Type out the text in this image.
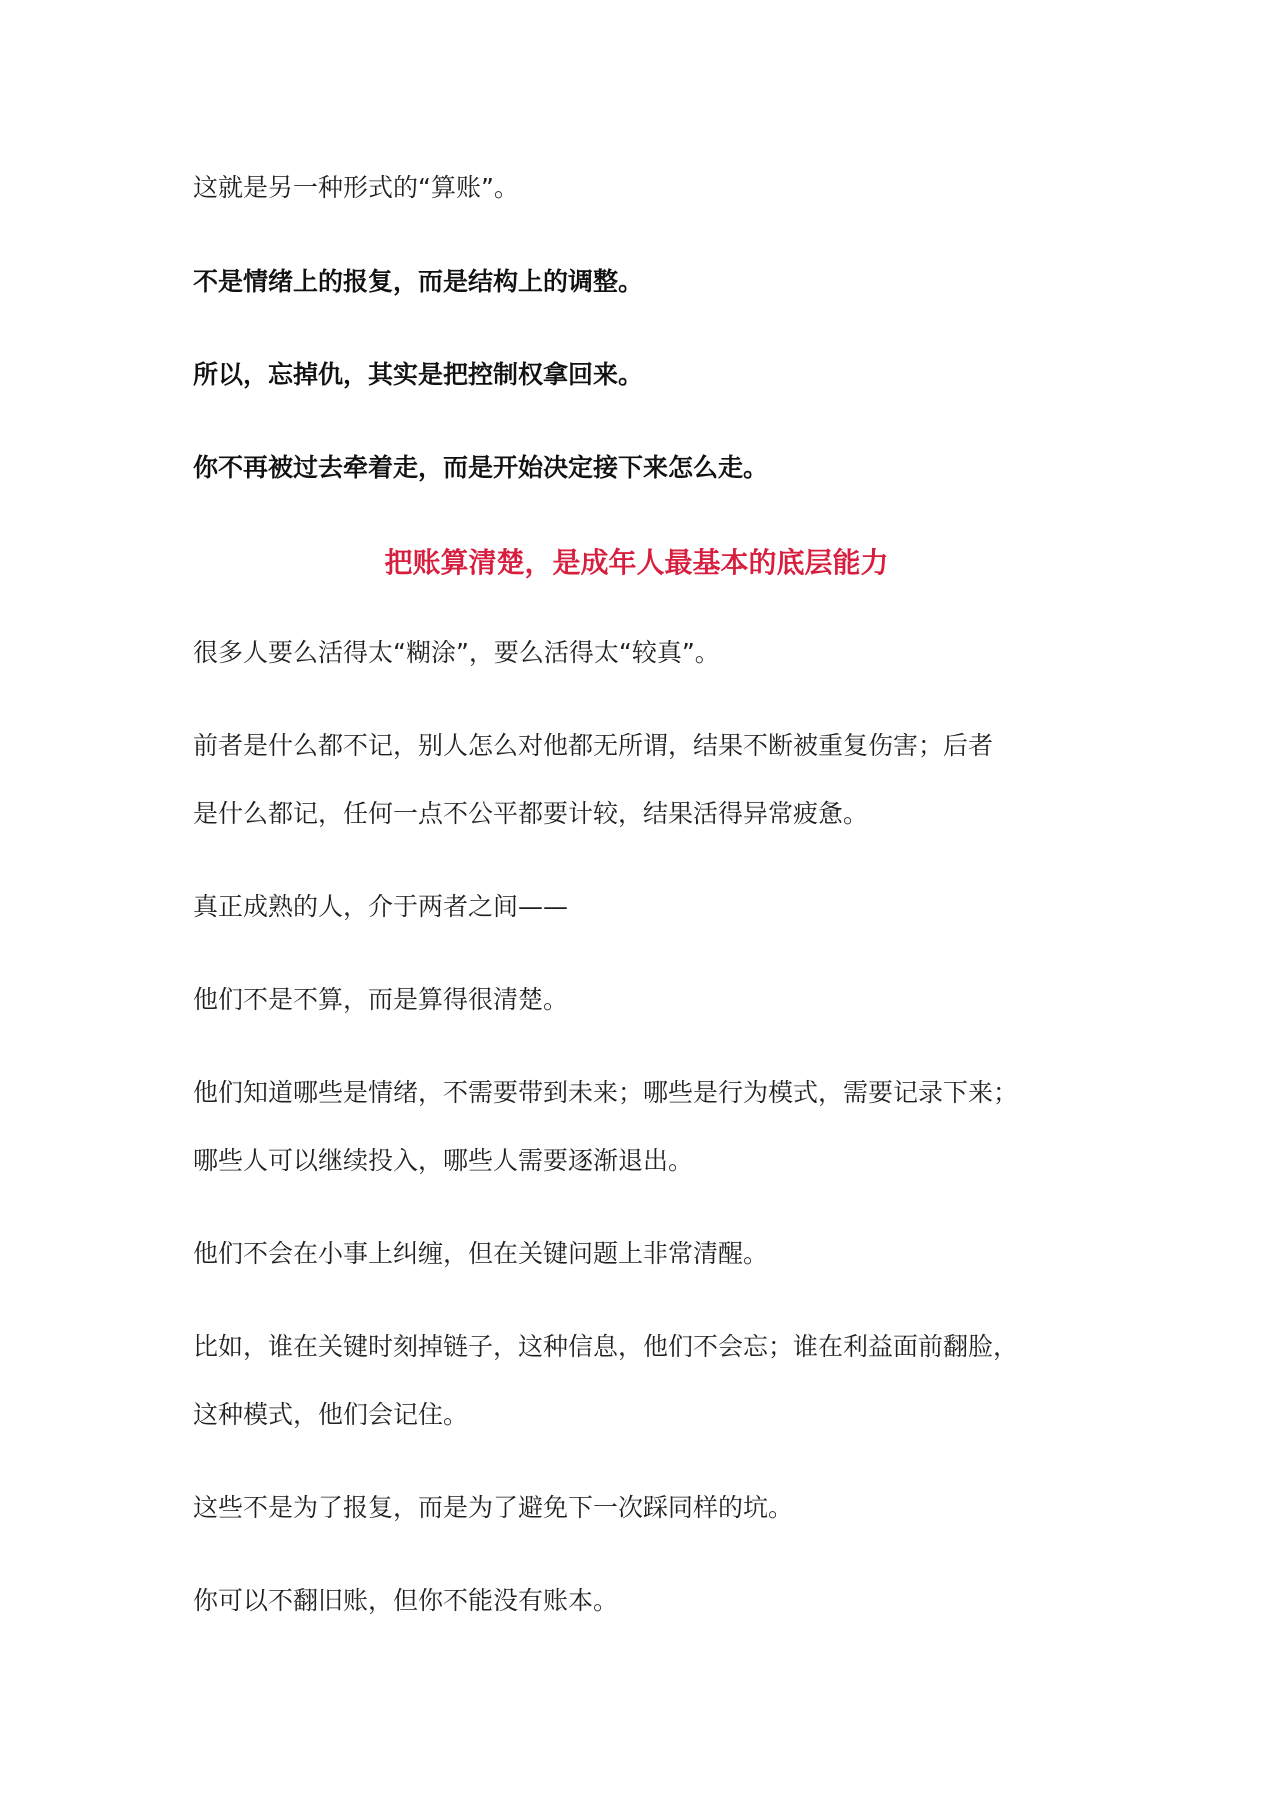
这就是另一种形式的“算账”。
不是情绪上的报复，而是结构上的调整。
所以，忘掉仇，其实是把控制权拿回来。
你不再被过去牵着走，而是开始决定接下来怎么走。
把账算清楚，是成年人最基本的底层能力
很多人要么活得太“糊涂”，要么活得太“较真”。
前者是什么都不记，别人怎么对他都无所谓，结果不断被重复伤害；后者
是什么都记，任何一点不公平都要计较，结果活得异常疲惫。
真正成熟的人，介于两者之间——
他们不是不算，而是算得很清楚。
他们知道哪些是情绪，不需要带到未来；哪些是行为模式，需要记录下来；
哪些人可以继续投入，哪些人需要逐渐退出。
他们不会在小事上纠缠，但在关键问题上非常清醒。
比如，谁在关键时刻掉链子，这种信息，他们不会忘；谁在利益面前翻脸，
这种模式，他们会记住。
这些不是为了报复，而是为了避免下一次踩同样的坑。
你可以不翻旧账，但你不能没有账本。
